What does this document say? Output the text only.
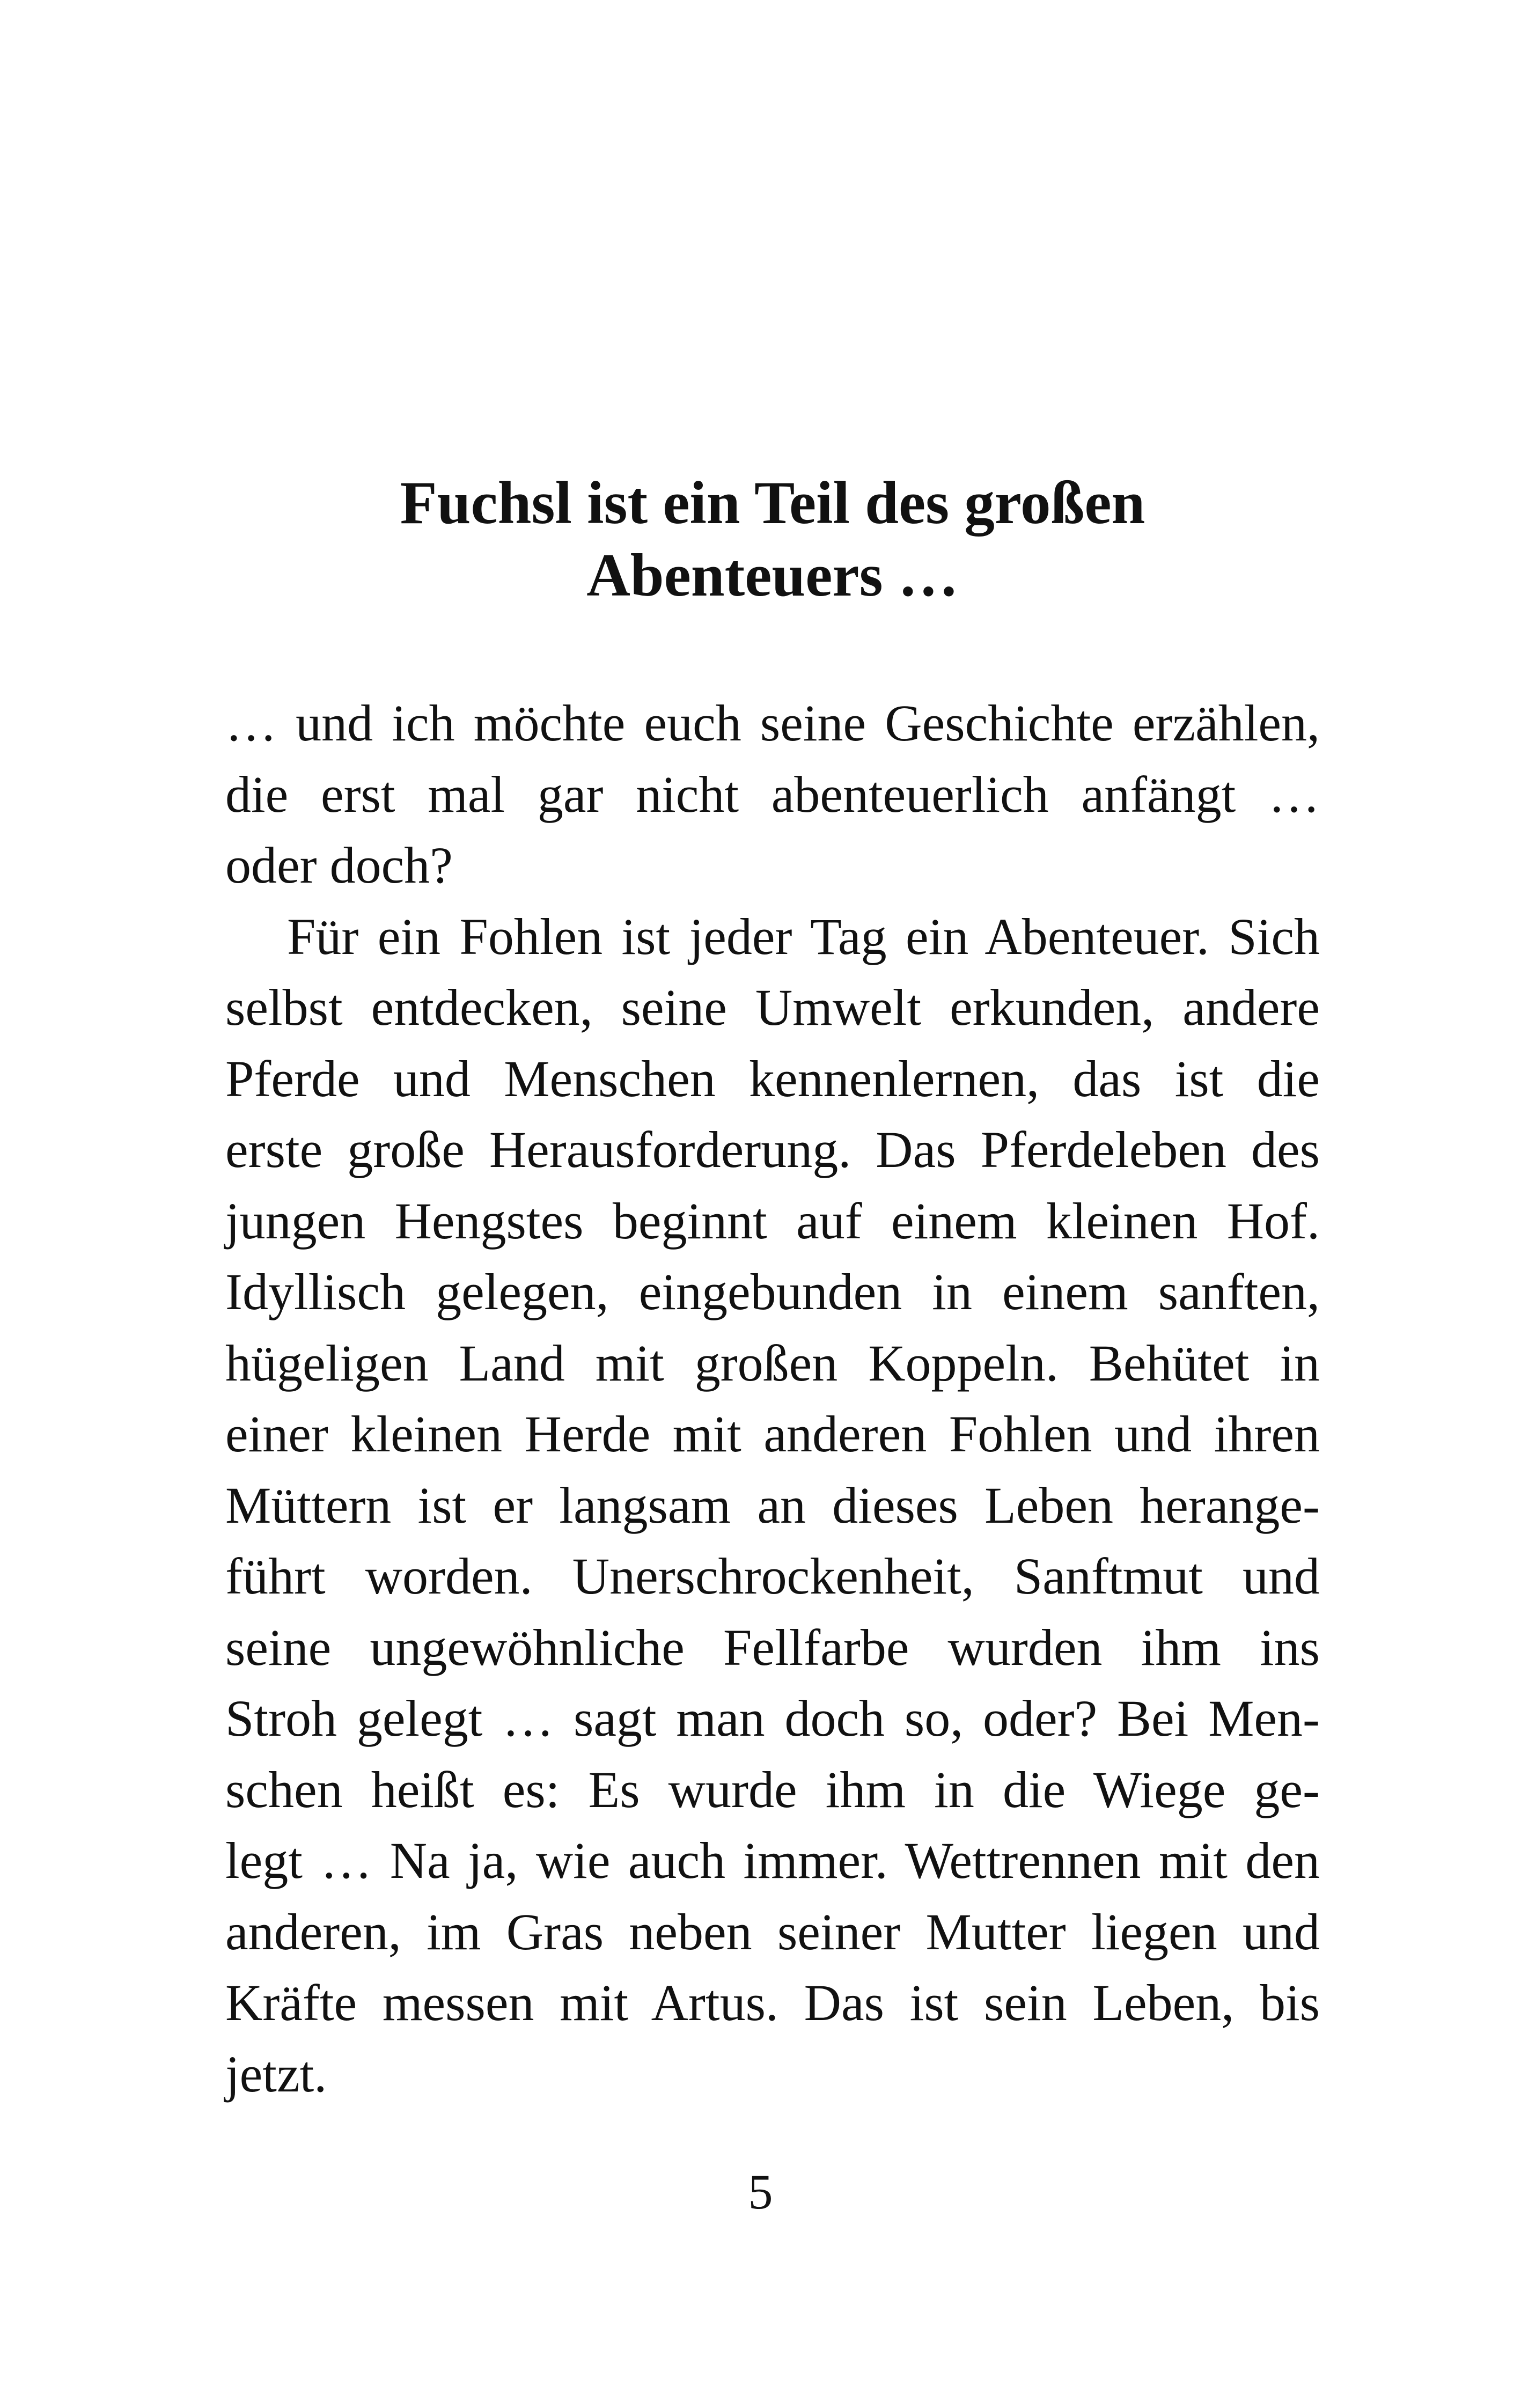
Fuchsl ist ein Teil des großen
Abenteuers …
… und ich möchte euch seine Geschichte erzählen,
die erst mal gar nicht abenteuerlich anfängt …
oder doch?
Für ein Fohlen ist jeder Tag ein Abenteuer. Sich
selbst entdecken, seine Umwelt erkunden, andere
Pferde und Menschen kennenlernen, das ist die
erste große Herausforderung. Das Pferdeleben des
jungen Hengstes beginnt auf einem kleinen Hof.
Idyllisch gelegen, eingebunden in einem sanften,
hügeligen Land mit großen Koppeln. Behütet in
einer kleinen Herde mit anderen Fohlen und ihren
Müttern ist er langsam an dieses Leben herange-
führt worden. Unerschrockenheit, Sanftmut und
seine ungewöhnliche Fellfarbe wurden ihm ins
Stroh gelegt … sagt man doch so, oder? Bei Men-
schen heißt es: Es wurde ihm in die Wiege ge-
legt … Na ja, wie auch immer. Wettrennen mit den
anderen, im Gras neben seiner Mutter liegen und
Kräfte messen mit Artus. Das ist sein Leben, bis
jetzt.
5
